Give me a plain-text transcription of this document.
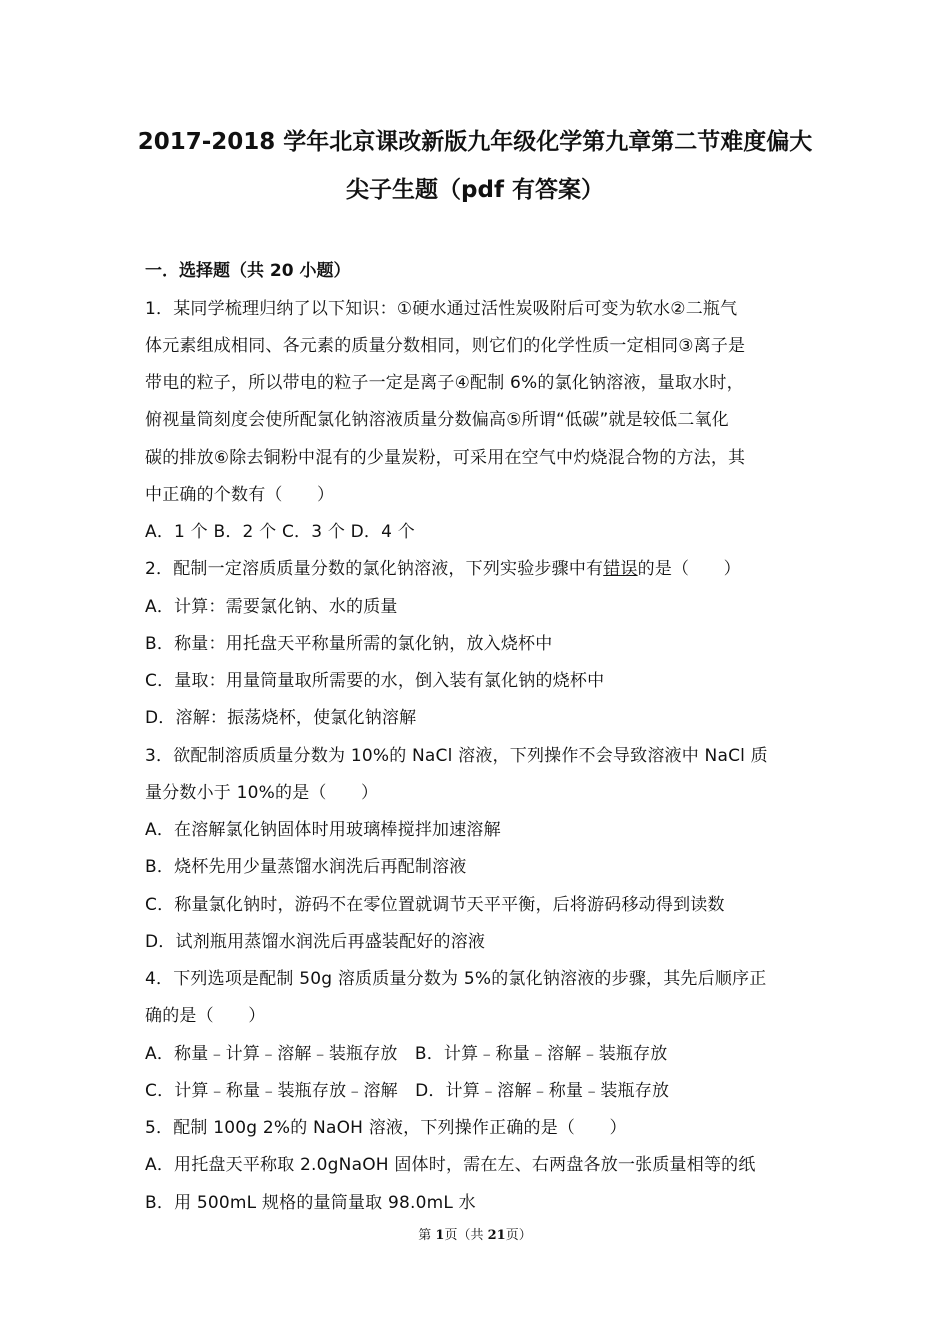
2017-2018 学年北京课改新版九年级化学第九章第二节难度偏大
尖子生题（pdf 有答案）
一．选择题（共 20 小题）
1．某同学梳理归纳了以下知识：①硬水通过活性炭吸附后可变为软水②二瓶气
体元素组成相同、各元素的质量分数相同，则它们的化学性质一定相同③离子是
带电的粒子，所以带电的粒子一定是离子④配制 6%的氯化钠溶液，量取水时，
俯视量筒刻度会使所配氯化钠溶液质量分数偏高⑤所谓“低碳”就是较低二氧化
碳的排放⑥除去铜粉中混有的少量炭粉，可采用在空气中灼烧混合物的方法，其
中正确的个数有（　　）
A．1 个 B．2 个 C．3 个 D．4 个
2．配制一定溶质质量分数的氯化钠溶液，下列实验步骤中有错误的是（　　）
A．计算：需要氯化钠、水的质量
B．称量：用托盘天平称量所需的氯化钠，放入烧杯中
C．量取：用量筒量取所需要的水，倒入装有氯化钠的烧杯中
D．溶解：振荡烧杯，使氯化钠溶解
3．欲配制溶质质量分数为 10%的 NaCl 溶液，下列操作不会导致溶液中 NaCl 质
量分数小于 10%的是（　　）
A．在溶解氯化钠固体时用玻璃棒搅拌加速溶解
B．烧杯先用少量蒸馏水润洗后再配制溶液
C．称量氯化钠时，游码不在零位置就调节天平平衡，后将游码移动得到读数
D．试剂瓶用蒸馏水润洗后再盛装配好的溶液
4．下列选项是配制 50g 溶质质量分数为 5%的氯化钠溶液的步骤，其先后顺序正
确的是（　　）
A．称量﹣计算﹣溶解﹣装瓶存放　B．计算﹣称量﹣溶解﹣装瓶存放
C．计算﹣称量﹣装瓶存放﹣溶解　D．计算﹣溶解﹣称量﹣装瓶存放
5．配制 100g 2%的 NaOH 溶液，下列操作正确的是（　　）
A．用托盘天平称取 2.0gNaOH 固体时，需在左、右两盘各放一张质量相等的纸
B．用 500mL 规格的量筒量取 98.0mL 水
第 1页（共 21页）
